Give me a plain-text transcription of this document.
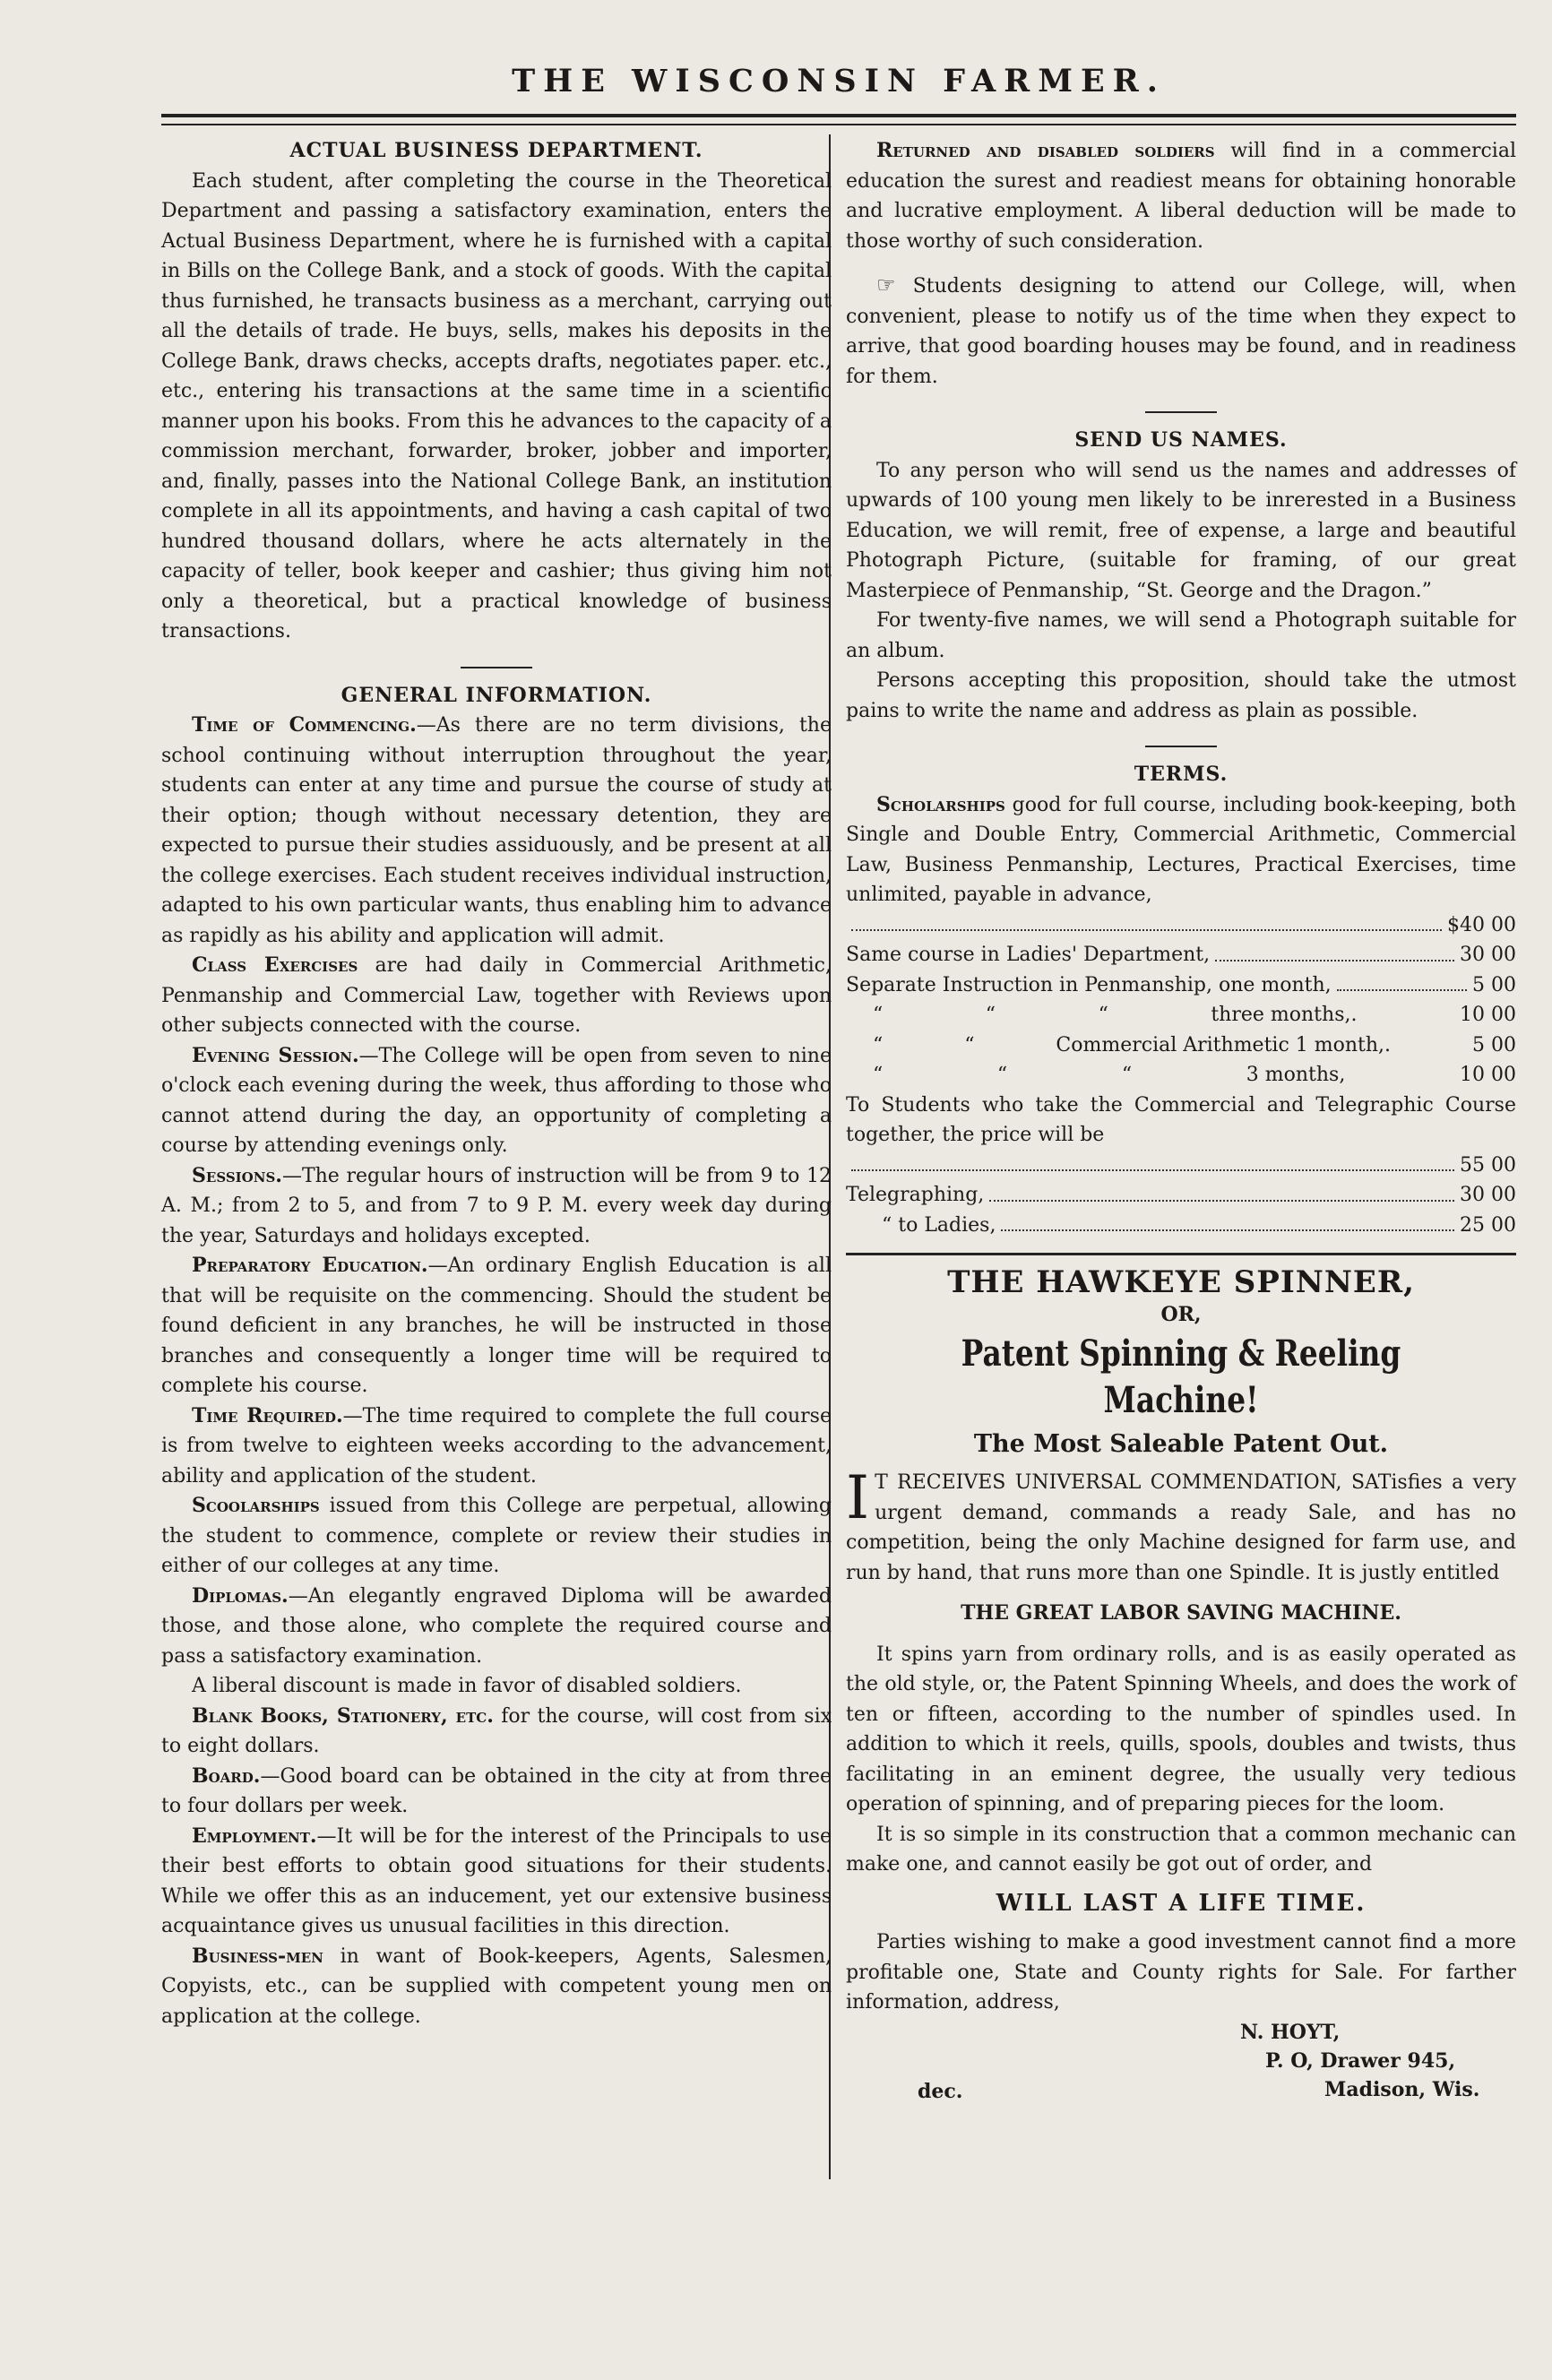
THE WISCONSIN FARMER.
ACTUAL BUSINESS DEPARTMENT.

Each student, after completing the course in the Theoretical Department and passing a satisfactory examination, enters the Actual Business Department, where he is furnished with a capital in Bills on the College Bank, and a stock of goods. With the capital thus furnished, he transacts business as a merchant, carrying out all the details of trade. He buys, sells, makes his deposits in the College Bank, draws checks, accepts drafts, negotiates paper. etc., etc., entering his transactions at the same time in a scientific manner upon his books. From this he advances to the capacity of a commission merchant, forwarder, broker, jobber and importer, and, finally, passes into the National College Bank, an institution complete in all its appointments, and having a cash capital of two hundred thousand dollars, where he acts alternately in the capacity of teller, book keeper and cashier; thus giving him not only a theoretical, but a practical knowledge of business transactions.

GENERAL INFORMATION.

Time of Commencing.—As there are no term divisions, the school continuing without interruption throughout the year, students can enter at any time and pursue the course of study at their option; though without necessary detention, they are expected to pursue their studies assiduously, and be present at all the college exercises. Each student receives individual instruction, adapted to his own particular wants, thus enabling him to advance as rapidly as his ability and application will admit.

Class Exercises are had daily in Commercial Arithmetic, Penmanship and Commercial Law, together with Reviews upon other subjects connected with the course.

Evening Session.—The College will be open from seven to nine o'clock each evening during the week, thus affording to those who cannot attend during the day, an opportunity of completing a course by attending evenings only.

Sessions.—The regular hours of instruction will be from 9 to 12 A. M.; from 2 to 5, and from 7 to 9 P. M. every week day during the year, Saturdays and holidays excepted.

Preparatory Education.—An ordinary English Education is all that will be requisite on the commencing. Should the student be found deficient in any branches, he will be instructed in those branches and consequently a longer time will be required to complete his course.

Time Required.—The time required to complete the full course is from twelve to eighteen weeks according to the advancement, ability and application of the student.

Scoolarships issued from this College are perpetual, allowing the student to commence, complete or review their studies in either of our colleges at any time.

Diplomas.—An elegantly engraved Diploma will be awarded those, and those alone, who complete the required course and pass a satisfactory examination.

A liberal discount is made in favor of disabled soldiers.

Blank Books, Stationery, etc. for the course, will cost from six to eight dollars.

Board.—Good board can be obtained in the city at from three to four dollars per week.

Employment.—It will be for the interest of the Principals to use their best efforts to obtain good situations for their students. While we offer this as an inducement, yet our extensive business acquaintance gives us unusual facilities in this direction.

Business-men in want of Book-keepers, Agents, Salesmen, Copyists, etc., can be supplied with competent young men on application at the college.

Returned and disabled soldiers will find in a commercial education the surest and readiest means for obtaining honorable and lucrative employment. A liberal deduction will be made to those worthy of such consideration.

☞ Students designing to attend our College, will, when convenient, please to notify us of the time when they expect to arrive, that good boarding houses may be found, and in readiness for them.

SEND US NAMES.

To any person who will send us the names and addresses of upwards of 100 young men likely to be inrerested in a Business Education, we will remit, free of expense, a large and beautiful Photograph Picture, (suitable for framing, of our great Masterpiece of Penmanship, “St. George and the Dragon.”

For twenty-five names, we will send a Photograph suitable for an album.

Persons accepting this proposition, should take the utmost pains to write the name and address as plain as possible.

TERMS.

Scholarships good for full course, including book-keeping, both Single and Double Entry, Commercial Arithmetic, Commercial Law, Business Penmanship, Lectures, Practical Exercises, time unlimited, payable in advance,

$40 00
Same course in Ladies' Department,	30 00
Separate Instruction in Penmanship, one month,	5 00
“	“	“	three months,.	10 00
“	“	Commercial Arithmetic 1 month,.	5 00
“	“	“	3 months,	10 00

To Students who take the Commercial and Telegraphic Course together, the price will be

55 00
Telegraphing,	30 00
“ to Ladies,	25 00
THE HAWKEYE SPINNER,
OR,
Patent Spinning & Reeling Machine!
The Most Saleable Patent Out.

I T RECEIVES UNIVERSAL COMMENDATION, SATisfies a very urgent demand, commands a ready Sale, and has no competition, being the only Machine designed for farm use, and run by hand, that runs more than one Spindle. It is justly entitled

THE GREAT LABOR SAVING MACHINE.

It spins yarn from ordinary rolls, and is as easily operated as the old style, or, the Patent Spinning Wheels, and does the work of ten or fifteen, according to the number of spindles used. In addition to which it reels, quills, spools, doubles and twists, thus facilitating in an eminent degree, the usually very tedious operation of spinning, and of preparing pieces for the loom.

It is so simple in its construction that a common mechanic can make one, and cannot easily be got out of order, and

WILL LAST A LIFE TIME.

Parties wishing to make a good investment cannot find a more profitable one, State and County rights for Sale. For farther information, address,

N. HOYT,
P. O, Drawer 945,
Madison, Wis.
dec.
